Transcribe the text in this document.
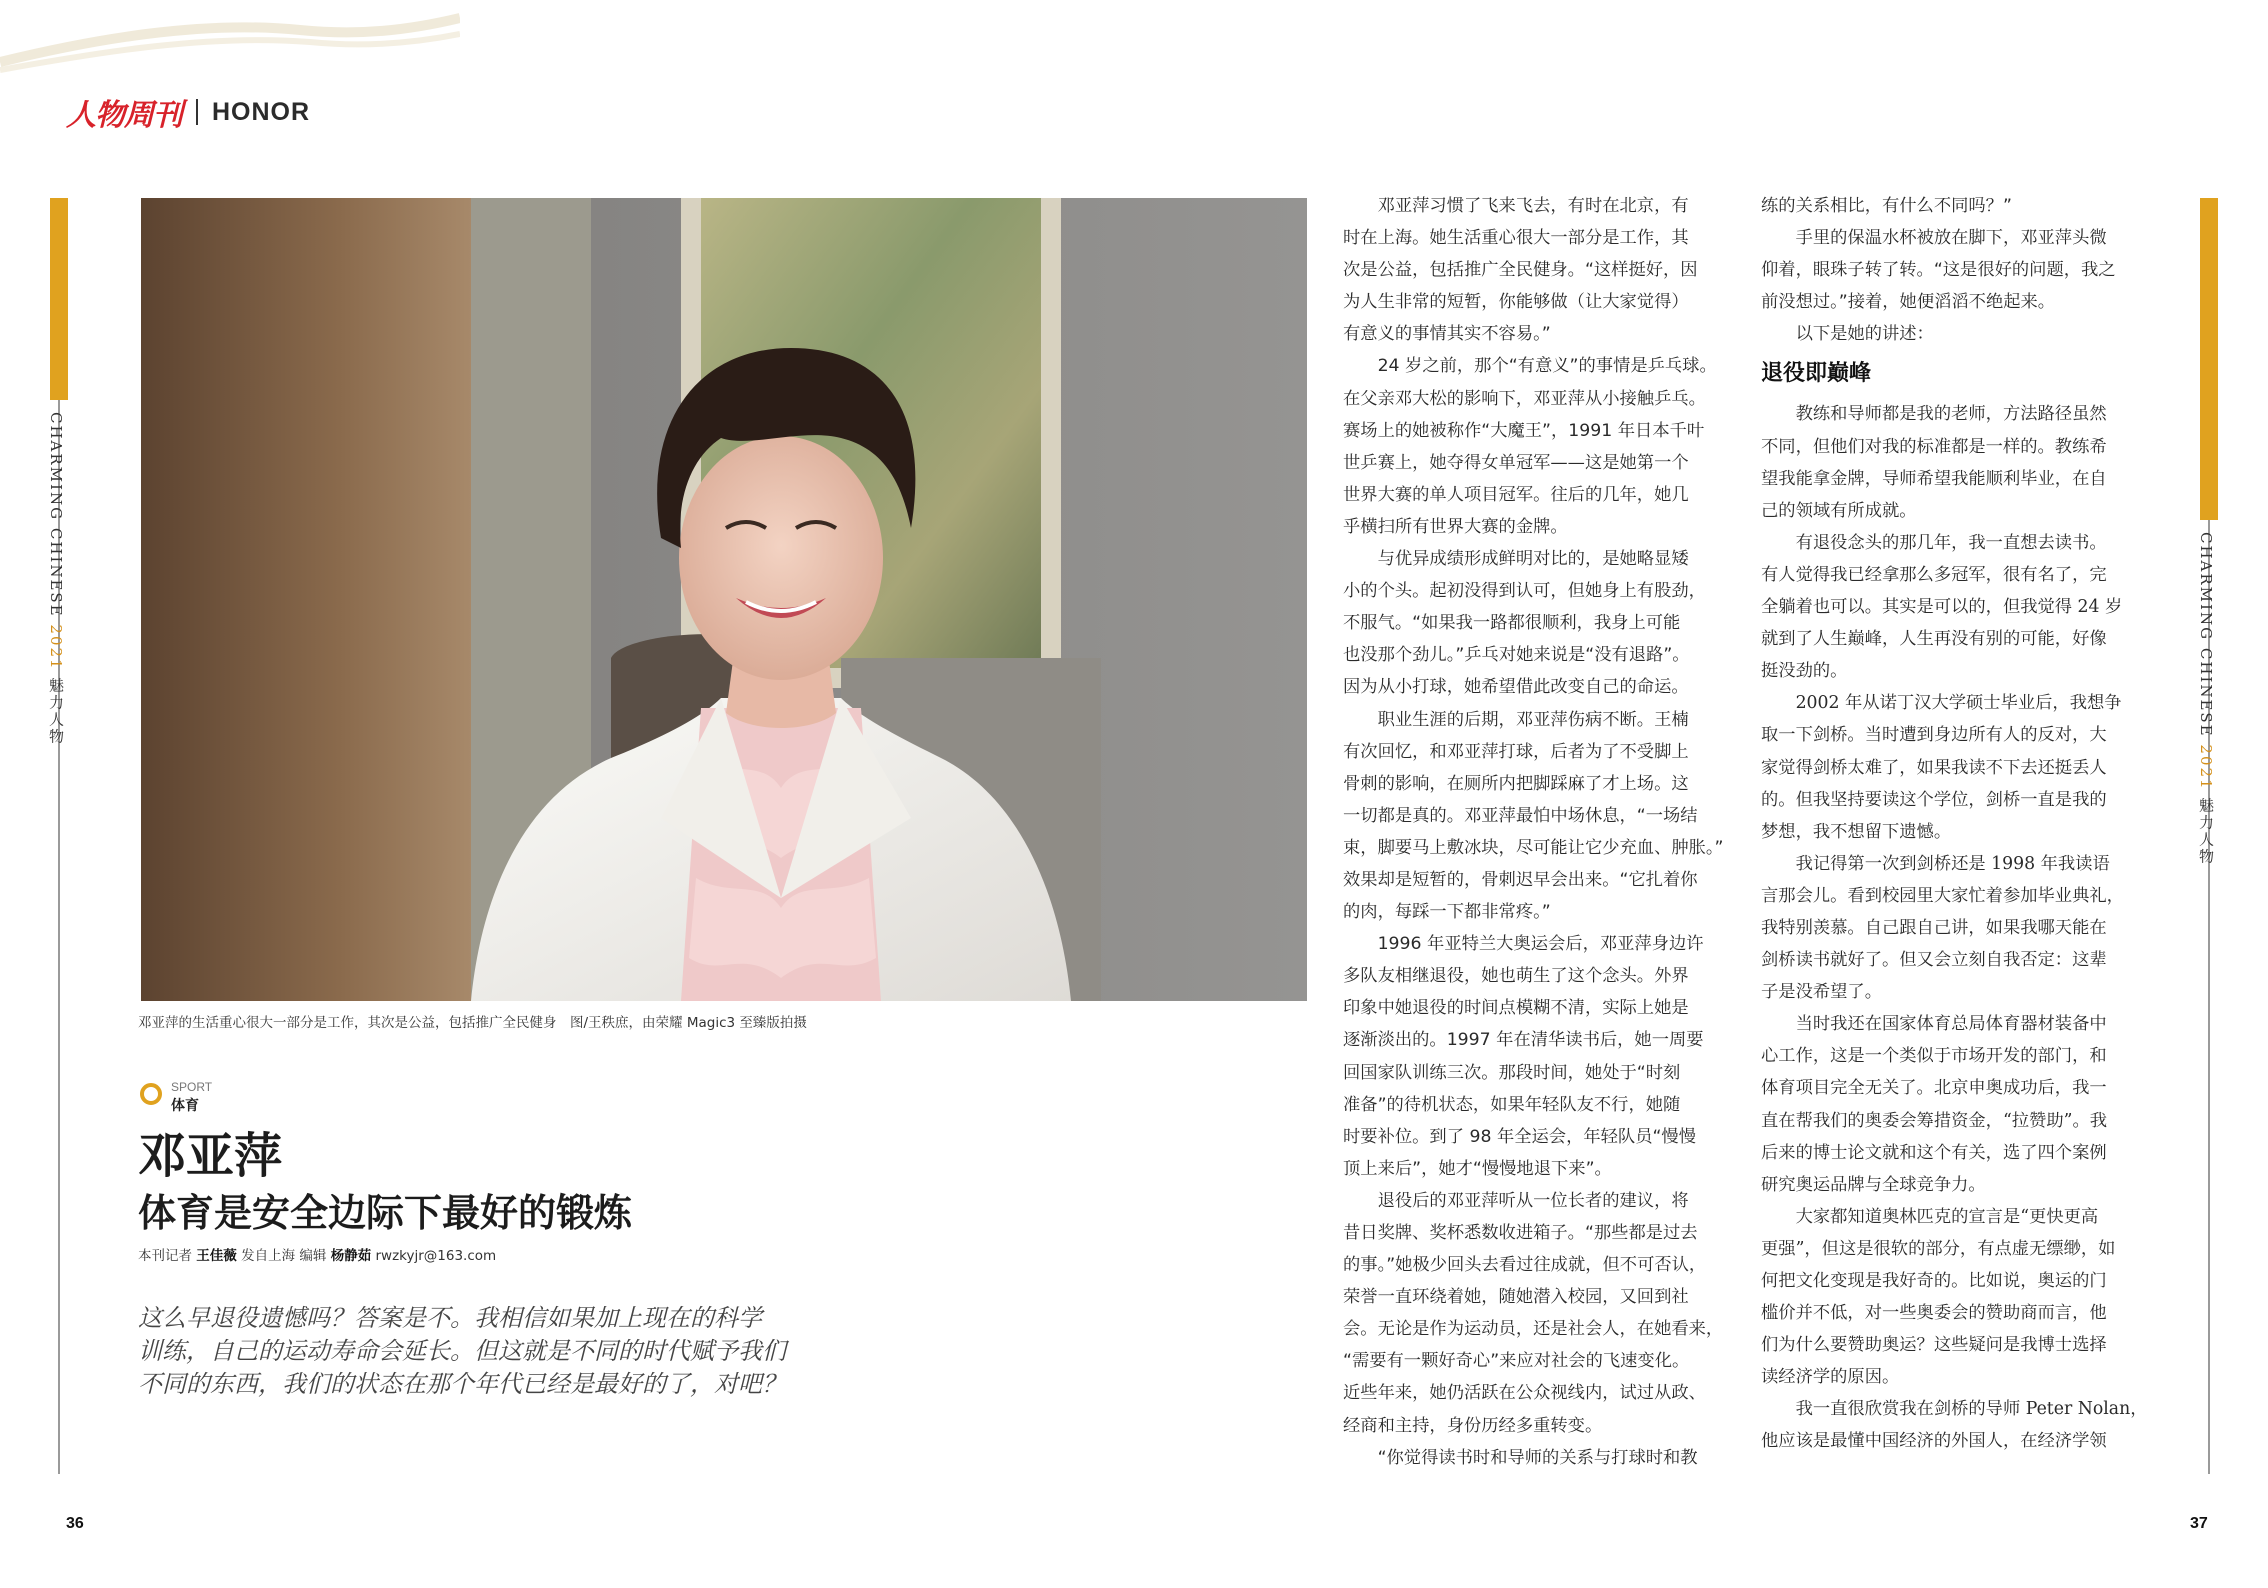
人物周刊 HONOR
CHARMING CHINESE 2021 魅力人物	CHARMING CHINESE 2021 魅力人物
邓亚萍的生活重心很大一部分是工作，其次是公益，包括推广全民健身　图/王秩庶，由荣耀 Magic3 至臻版拍摄
SPORT
体育
邓亚萍
体育是安全边际下最好的锻炼
本刊记者 王佳薇 发自上海 编辑 杨静茹 rwzkyjr@163.com

这么早退役遗憾吗？答案是不。我相信如果加上现在的科学

训练，自己的运动寿命会延长。但这就是不同的时代赋予我们

不同的东西，我们的状态在那个年代已经是最好的了，对吧？

　　邓亚萍习惯了飞来飞去，有时在北京，有

时在上海。她生活重心很大一部分是工作，其

次是公益，包括推广全民健身。“这样挺好，因

为人生非常的短暂，你能够做（让大家觉得）

有意义的事情其实不容易。”

　　24 岁之前，那个“有意义”的事情是乒乓球。

在父亲邓大松的影响下，邓亚萍从小接触乒乓。

赛场上的她被称作“大魔王”，1991 年日本千叶

世乒赛上，她夺得女单冠军——这是她第一个

世界大赛的单人项目冠军。往后的几年，她几

乎横扫所有世界大赛的金牌。

　　与优异成绩形成鲜明对比的，是她略显矮

小的个头。起初没得到认可，但她身上有股劲，

不服气。“如果我一路都很顺利，我身上可能

也没那个劲儿。”乒乓对她来说是“没有退路”。

因为从小打球，她希望借此改变自己的命运。

　　职业生涯的后期，邓亚萍伤病不断。王楠

有次回忆，和邓亚萍打球，后者为了不受脚上

骨刺的影响，在厕所内把脚踩麻了才上场。这

一切都是真的。邓亚萍最怕中场休息，“一场结

束，脚要马上敷冰块，尽可能让它少充血、肿胀。”

效果却是短暂的，骨刺迟早会出来。“它扎着你

的肉，每踩一下都非常疼。”

　　1996 年亚特兰大奥运会后，邓亚萍身边许

多队友相继退役，她也萌生了这个念头。外界

印象中她退役的时间点模糊不清，实际上她是

逐渐淡出的。1997 年在清华读书后，她一周要

回国家队训练三次。那段时间，她处于“时刻

准备”的待机状态，如果年轻队友不行，她随

时要补位。到了 98 年全运会，年轻队员“慢慢

顶上来后”，她才“慢慢地退下来”。

　　退役后的邓亚萍听从一位长者的建议，将

昔日奖牌、奖杯悉数收进箱子。“那些都是过去

的事。”她极少回头去看过往成就，但不可否认，

荣誉一直环绕着她，随她潜入校园，又回到社

会。无论是作为运动员，还是社会人，在她看来，

“需要有一颗好奇心”来应对社会的飞速变化。

近些年来，她仍活跃在公众视线内，试过从政、

经商和主持，身份历经多重转变。

　　“你觉得读书时和导师的关系与打球时和教

练的关系相比，有什么不同吗？”

　　手里的保温水杯被放在脚下，邓亚萍头微

仰着，眼珠子转了转。“这是很好的问题，我之

前没想过。”接着，她便滔滔不绝起来。

　　以下是她的讲述：

退役即巅峰

　　教练和导师都是我的老师，方法路径虽然

不同，但他们对我的标准都是一样的。教练希

望我能拿金牌，导师希望我能顺利毕业，在自

己的领域有所成就。

　　有退役念头的那几年，我一直想去读书。

有人觉得我已经拿那么多冠军，很有名了，完

全躺着也可以。其实是可以的，但我觉得 24 岁

就到了人生巅峰，人生再没有别的可能，好像

挺没劲的。

　　2002 年从诺丁汉大学硕士毕业后，我想争

取一下剑桥。当时遭到身边所有人的反对，大

家觉得剑桥太难了，如果我读不下去还挺丢人

的。但我坚持要读这个学位，剑桥一直是我的

梦想，我不想留下遗憾。

　　我记得第一次到剑桥还是 1998 年我读语

言那会儿。看到校园里大家忙着参加毕业典礼，

我特别羡慕。自己跟自己讲，如果我哪天能在

剑桥读书就好了。但又会立刻自我否定：这辈

子是没希望了。

　　当时我还在国家体育总局体育器材装备中

心工作，这是一个类似于市场开发的部门，和

体育项目完全无关了。北京申奥成功后，我一

直在帮我们的奥委会筹措资金，“拉赞助”。我

后来的博士论文就和这个有关，选了四个案例

研究奥运品牌与全球竞争力。

　　大家都知道奥林匹克的宣言是“更快更高

更强”，但这是很软的部分，有点虚无缥缈，如

何把文化变现是我好奇的。比如说，奥运的门

槛价并不低，对一些奥委会的赞助商而言，他

们为什么要赞助奥运？这些疑问是我博士选择

读经济学的原因。

　　我一直很欣赏我在剑桥的导师 Peter Nolan，

他应该是最懂中国经济的外国人，在经济学领

36	37
